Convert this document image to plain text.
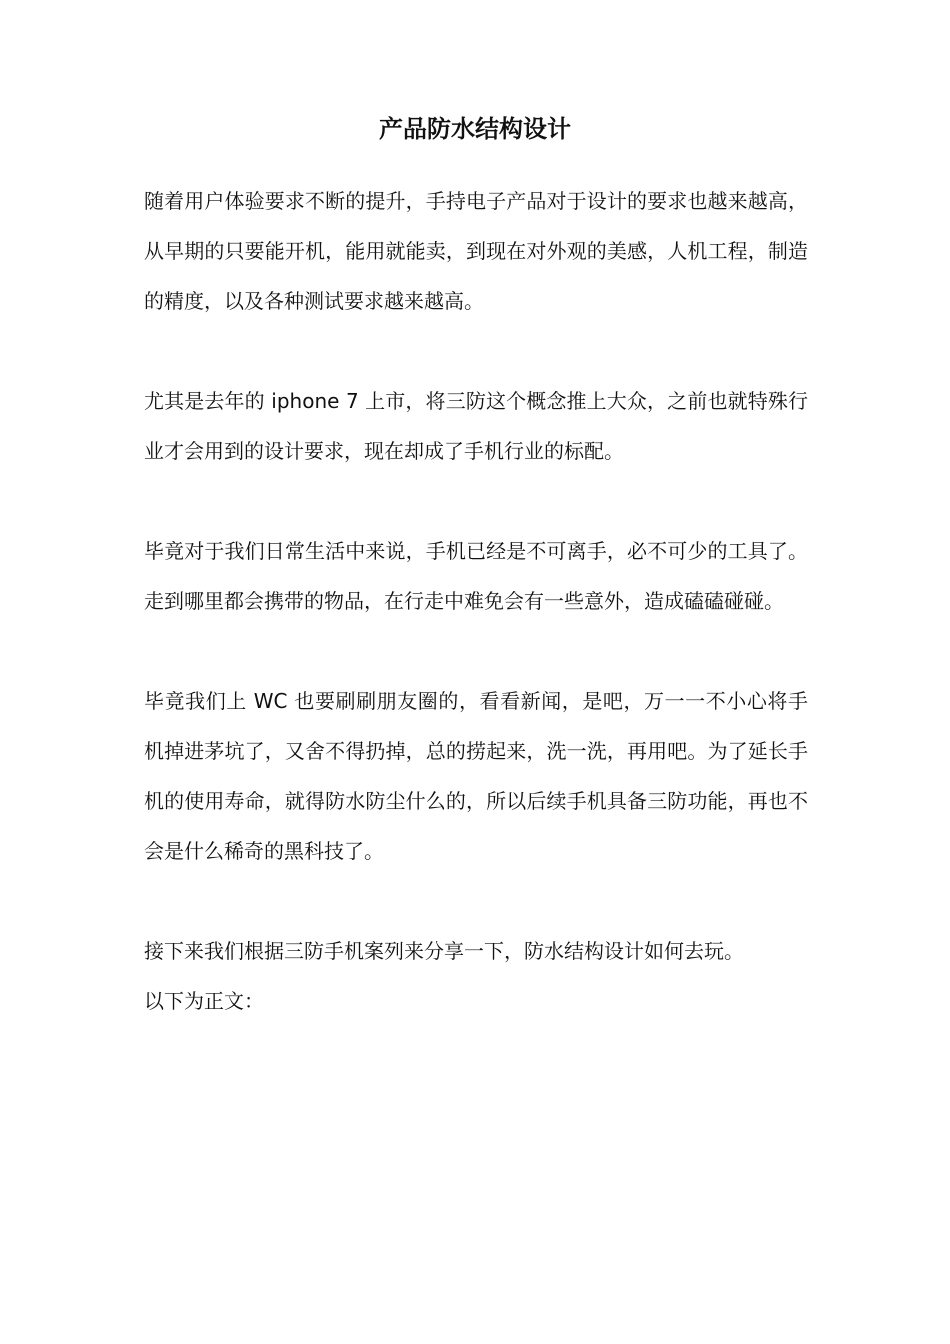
产品防水结构设计
随着用户体验要求不断的提升，手持电子产品对于设计的要求也越来越高，从早期的只要能开机，能用就能卖，到现在对外观的美感，人机工程，制造的精度，以及各种测试要求越来越高。
尤其是去年的 iphone 7 上市，将三防这个概念推上大众，之前也就特殊行业才会用到的设计要求，现在却成了手机行业的标配。
毕竟对于我们日常生活中来说，手机已经是不可离手，必不可少的工具了。走到哪里都会携带的物品，在行走中难免会有一些意外，造成磕磕碰碰。
毕竟我们上 WC 也要刷刷朋友圈的，看看新闻，是吧，万一一不小心将手机掉进茅坑了，又舍不得扔掉，总的捞起来，洗一洗，再用吧。为了延长手机的使用寿命，就得防水防尘什么的，所以后续手机具备三防功能，再也不会是什么稀奇的黑科技了。
接下来我们根据三防手机案列来分享一下，防水结构设计如何去玩。
以下为正文：
